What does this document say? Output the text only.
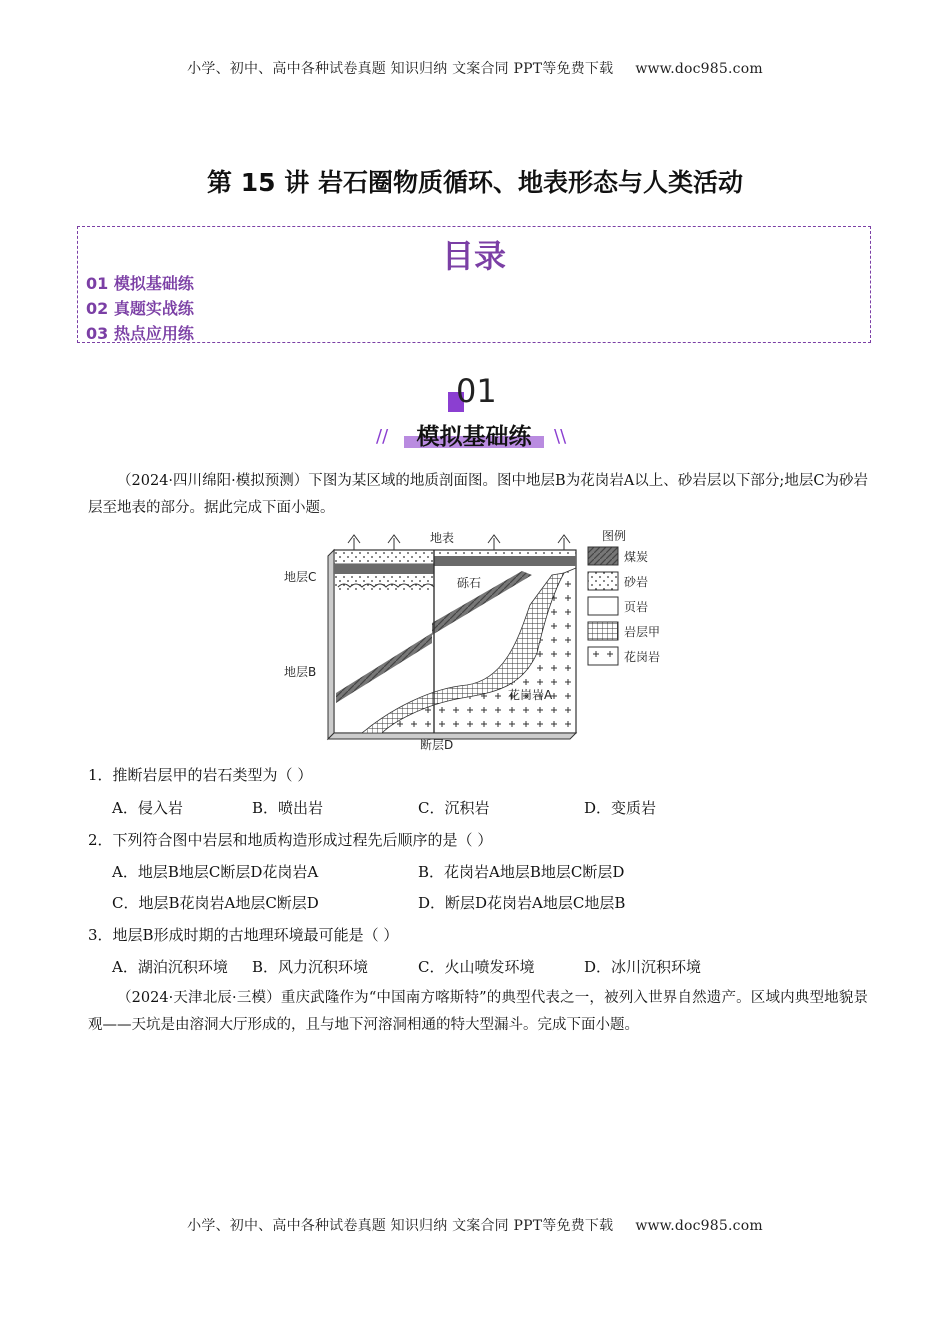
小学、初中、高中各种试卷真题 知识归纳 文案合同 PPT等免费下载 www.doc985.com
第 15 讲 岩石圈物质循环、地表形态与人类活动
目录
01 模拟基础练
02 真题实战练
03 热点应用练
01
//	\\
模拟基础练
（2024·四川绵阳·模拟预测）下图为某区域的地质剖面图。图中地层B为花岗岩A以上、砂岩层以下部分;地层C为砂岩层至地表的部分。据此完成下面小题。
地表
地层C
地层B
砾石
花岗岩A
断层D
图例
煤炭
砂岩
页岩
岩层甲
花岗岩
1．推断岩层甲的岩石类型为（ ）
A．侵入岩	B．喷出岩	C．沉积岩	D．变质岩
2．下列符合图中岩层和地质构造形成过程先后顺序的是（ ）
A．地层B地层C断层D花岗岩A	B．花岗岩A地层B地层C断层D
C．地层B花岗岩A地层C断层D	D．断层D花岗岩A地层C地层B
3．地层B形成时期的古地理环境最可能是（ ）
A．湖泊沉积环境 B．风力沉积环境	C．火山喷发环境	D．冰川沉积环境
（2024·天津北辰·三模）重庆武隆作为“中国南方喀斯特”的典型代表之一，被列入世界自然遗产。区域内典型地貌景观——天坑是由溶洞大厅形成的，且与地下河溶洞相通的特大型漏斗。完成下面小题。
小学、初中、高中各种试卷真题 知识归纳 文案合同 PPT等免费下载 www.doc985.com
